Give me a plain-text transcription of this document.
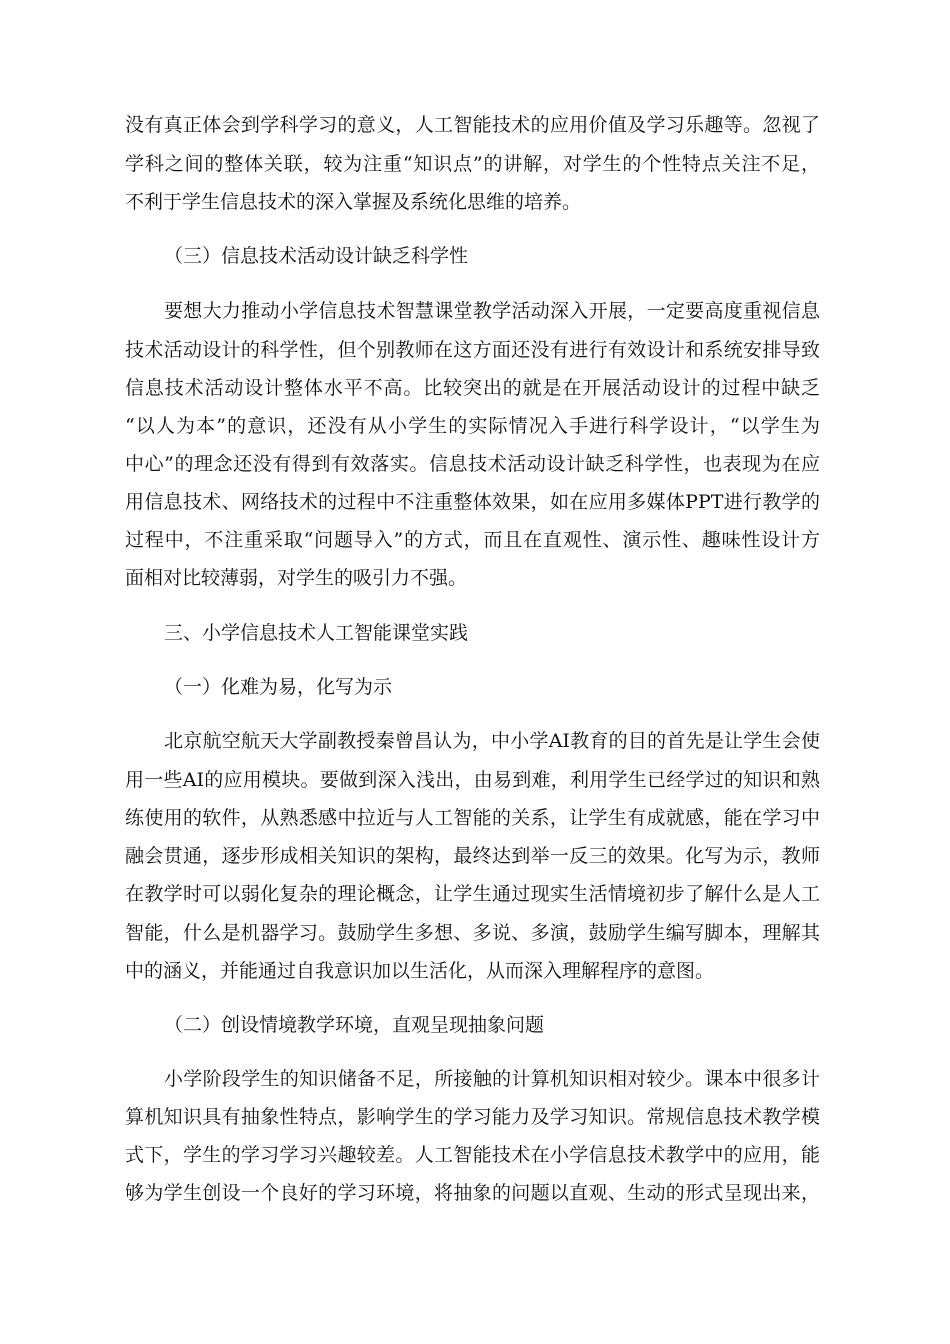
没有真正体会到学科学习的意义，人工智能技术的应用价值及学习乐趣等。忽视了
学科之间的整体关联，较为注重“知识点”的讲解，对学生的个性特点关注不足，
不利于学生信息技术的深入掌握及系统化思维的培养。
（三）信息技术活动设计缺乏科学性
要想大力推动小学信息技术智慧课堂教学活动深入开展，一定要高度重视信息
技术活动设计的科学性，但个别教师在这方面还没有进行有效设计和系统安排导致
信息技术活动设计整体水平不高。比较突出的就是在开展活动设计的过程中缺乏
“以人为本”的意识，还没有从小学生的实际情况入手进行科学设计，“以学生为
中心”的理念还没有得到有效落实。信息技术活动设计缺乏科学性，也表现为在应
用信息技术、网络技术的过程中不注重整体效果，如在应用多媒体PPT进行教学的
过程中，不注重采取“问题导入”的方式，而且在直观性、演示性、趣味性设计方
面相对比较薄弱，对学生的吸引力不强。
三、小学信息技术人工智能课堂实践
（一）化难为易，化写为示
北京航空航天大学副教授秦曾昌认为，中小学AI教育的目的首先是让学生会使
用一些AI的应用模块。要做到深入浅出，由易到难，利用学生已经学过的知识和熟
练使用的软件，从熟悉感中拉近与人工智能的关系，让学生有成就感，能在学习中
融会贯通，逐步形成相关知识的架构，最终达到举一反三的效果。化写为示，教师
在教学时可以弱化复杂的理论概念，让学生通过现实生活情境初步了解什么是人工
智能，什么是机器学习。鼓励学生多想、多说、多演，鼓励学生编写脚本，理解其
中的涵义，并能通过自我意识加以生活化，从而深入理解程序的意图。
（二）创设情境教学环境，直观呈现抽象问题
小学阶段学生的知识储备不足，所接触的计算机知识相对较少。课本中很多计
算机知识具有抽象性特点，影响学生的学习能力及学习知识。常规信息技术教学模
式下，学生的学习学习兴趣较差。人工智能技术在小学信息技术教学中的应用，能
够为学生创设一个良好的学习环境，将抽象的问题以直观、生动的形式呈现出来，
